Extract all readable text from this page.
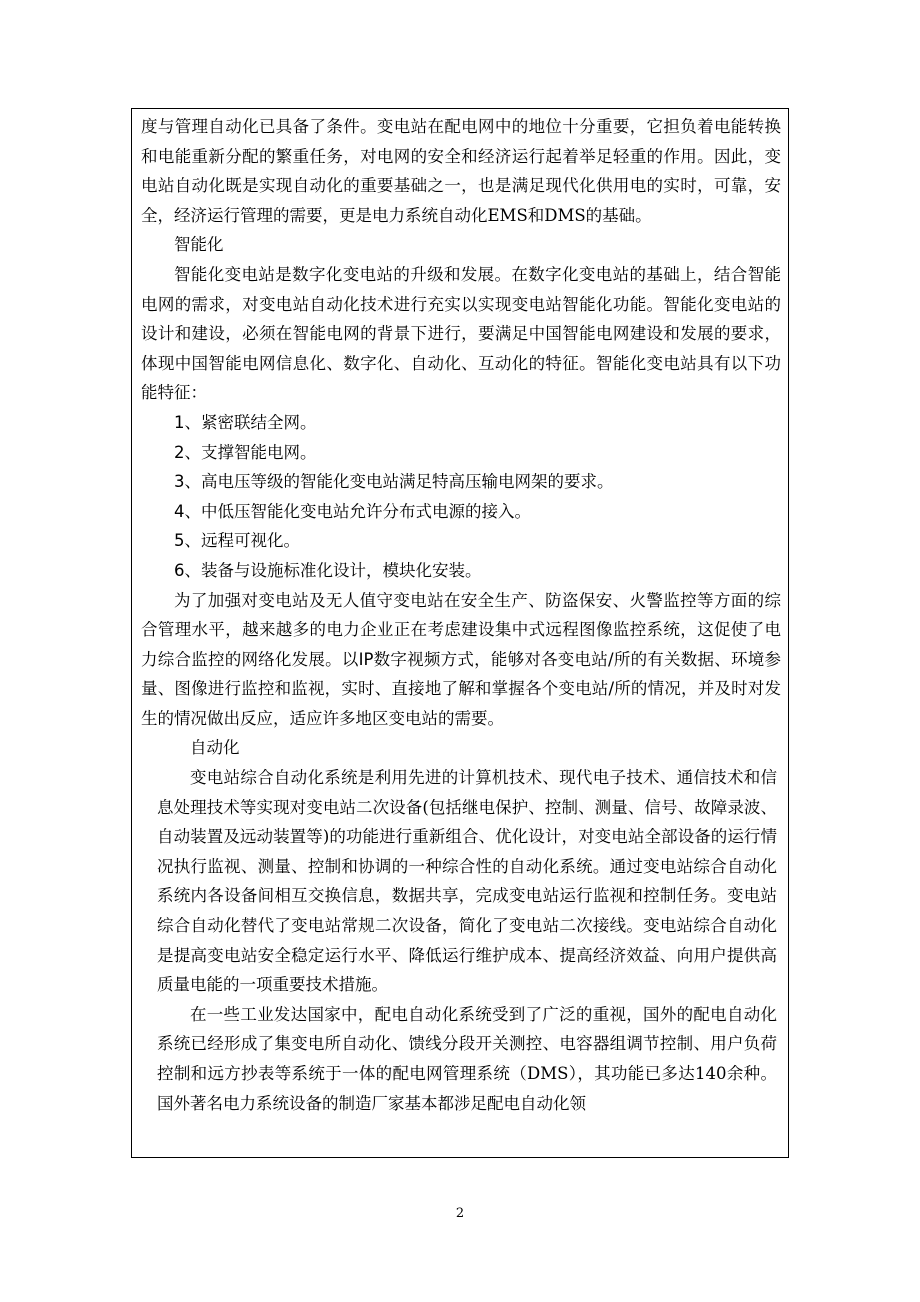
度与管理自动化已具备了条件。变电站在配电网中的地位十分重要，它担负着电能转换和电能重新分配的繁重任务，对电网的安全和经济运行起着举足轻重的作用。因此，变电站自动化既是实现自动化的重要基础之一，也是满足现代化供用电的实时，可靠，安全，经济运行管理的需要，更是电力系统自动化EMS和DMS的基础。

智能化

智能化变电站是数字化变电站的升级和发展。在数字化变电站的基础上，结合智能电网的需求，对变电站自动化技术进行充实以实现变电站智能化功能。智能化变电站的设计和建设，必须在智能电网的背景下进行，要满足中国智能电网建设和发展的要求，体现中国智能电网信息化、数字化、自动化、互动化的特征。智能化变电站具有以下功能特征：

1、紧密联结全网。

2、支撑智能电网。

3、高电压等级的智能化变电站满足特高压输电网架的要求。

4、中低压智能化变电站允许分布式电源的接入。

5、远程可视化。

6、装备与设施标准化设计，模块化安装。

为了加强对变电站及无人值守变电站在安全生产、防盗保安、火警监控等方面的综合管理水平，越来越多的电力企业正在考虑建设集中式远程图像监控系统，这促使了电力综合监控的网络化发展。以IP数字视频方式，能够对各变电站/所的有关数据、环境参量、图像进行监控和监视，实时、直接地了解和掌握各个变电站/所的情况，并及时对发生的情况做出反应，适应许多地区变电站的需要。

自动化

变电站综合自动化系统是利用先进的计算机技术、现代电子技术、通信技术和信息处理技术等实现对变电站二次设备(包括继电保护、控制、测量、信号、故障录波、自动装置及远动装置等)的功能进行重新组合、优化设计，对变电站全部设备的运行情况执行监视、测量、控制和协调的一种综合性的自动化系统。通过变电站综合自动化系统内各设备间相互交换信息，数据共享，完成变电站运行监视和控制任务。变电站综合自动化替代了变电站常规二次设备，简化了变电站二次接线。变电站综合自动化是提高变电站安全稳定运行水平、降低运行维护成本、提高经济效益、向用户提供高质量电能的一项重要技术措施。

在一些工业发达国家中，配电自动化系统受到了广泛的重视，国外的配电自动化系统已经形成了集变电所自动化、馈线分段开关测控、电容器组调节控制、用户负荷控制和远方抄表等系统于一体的配电网管理系统（DMS），其功能已多达140余种。国外著名电力系统设备的制造厂家基本都涉足配电自动化领

2
